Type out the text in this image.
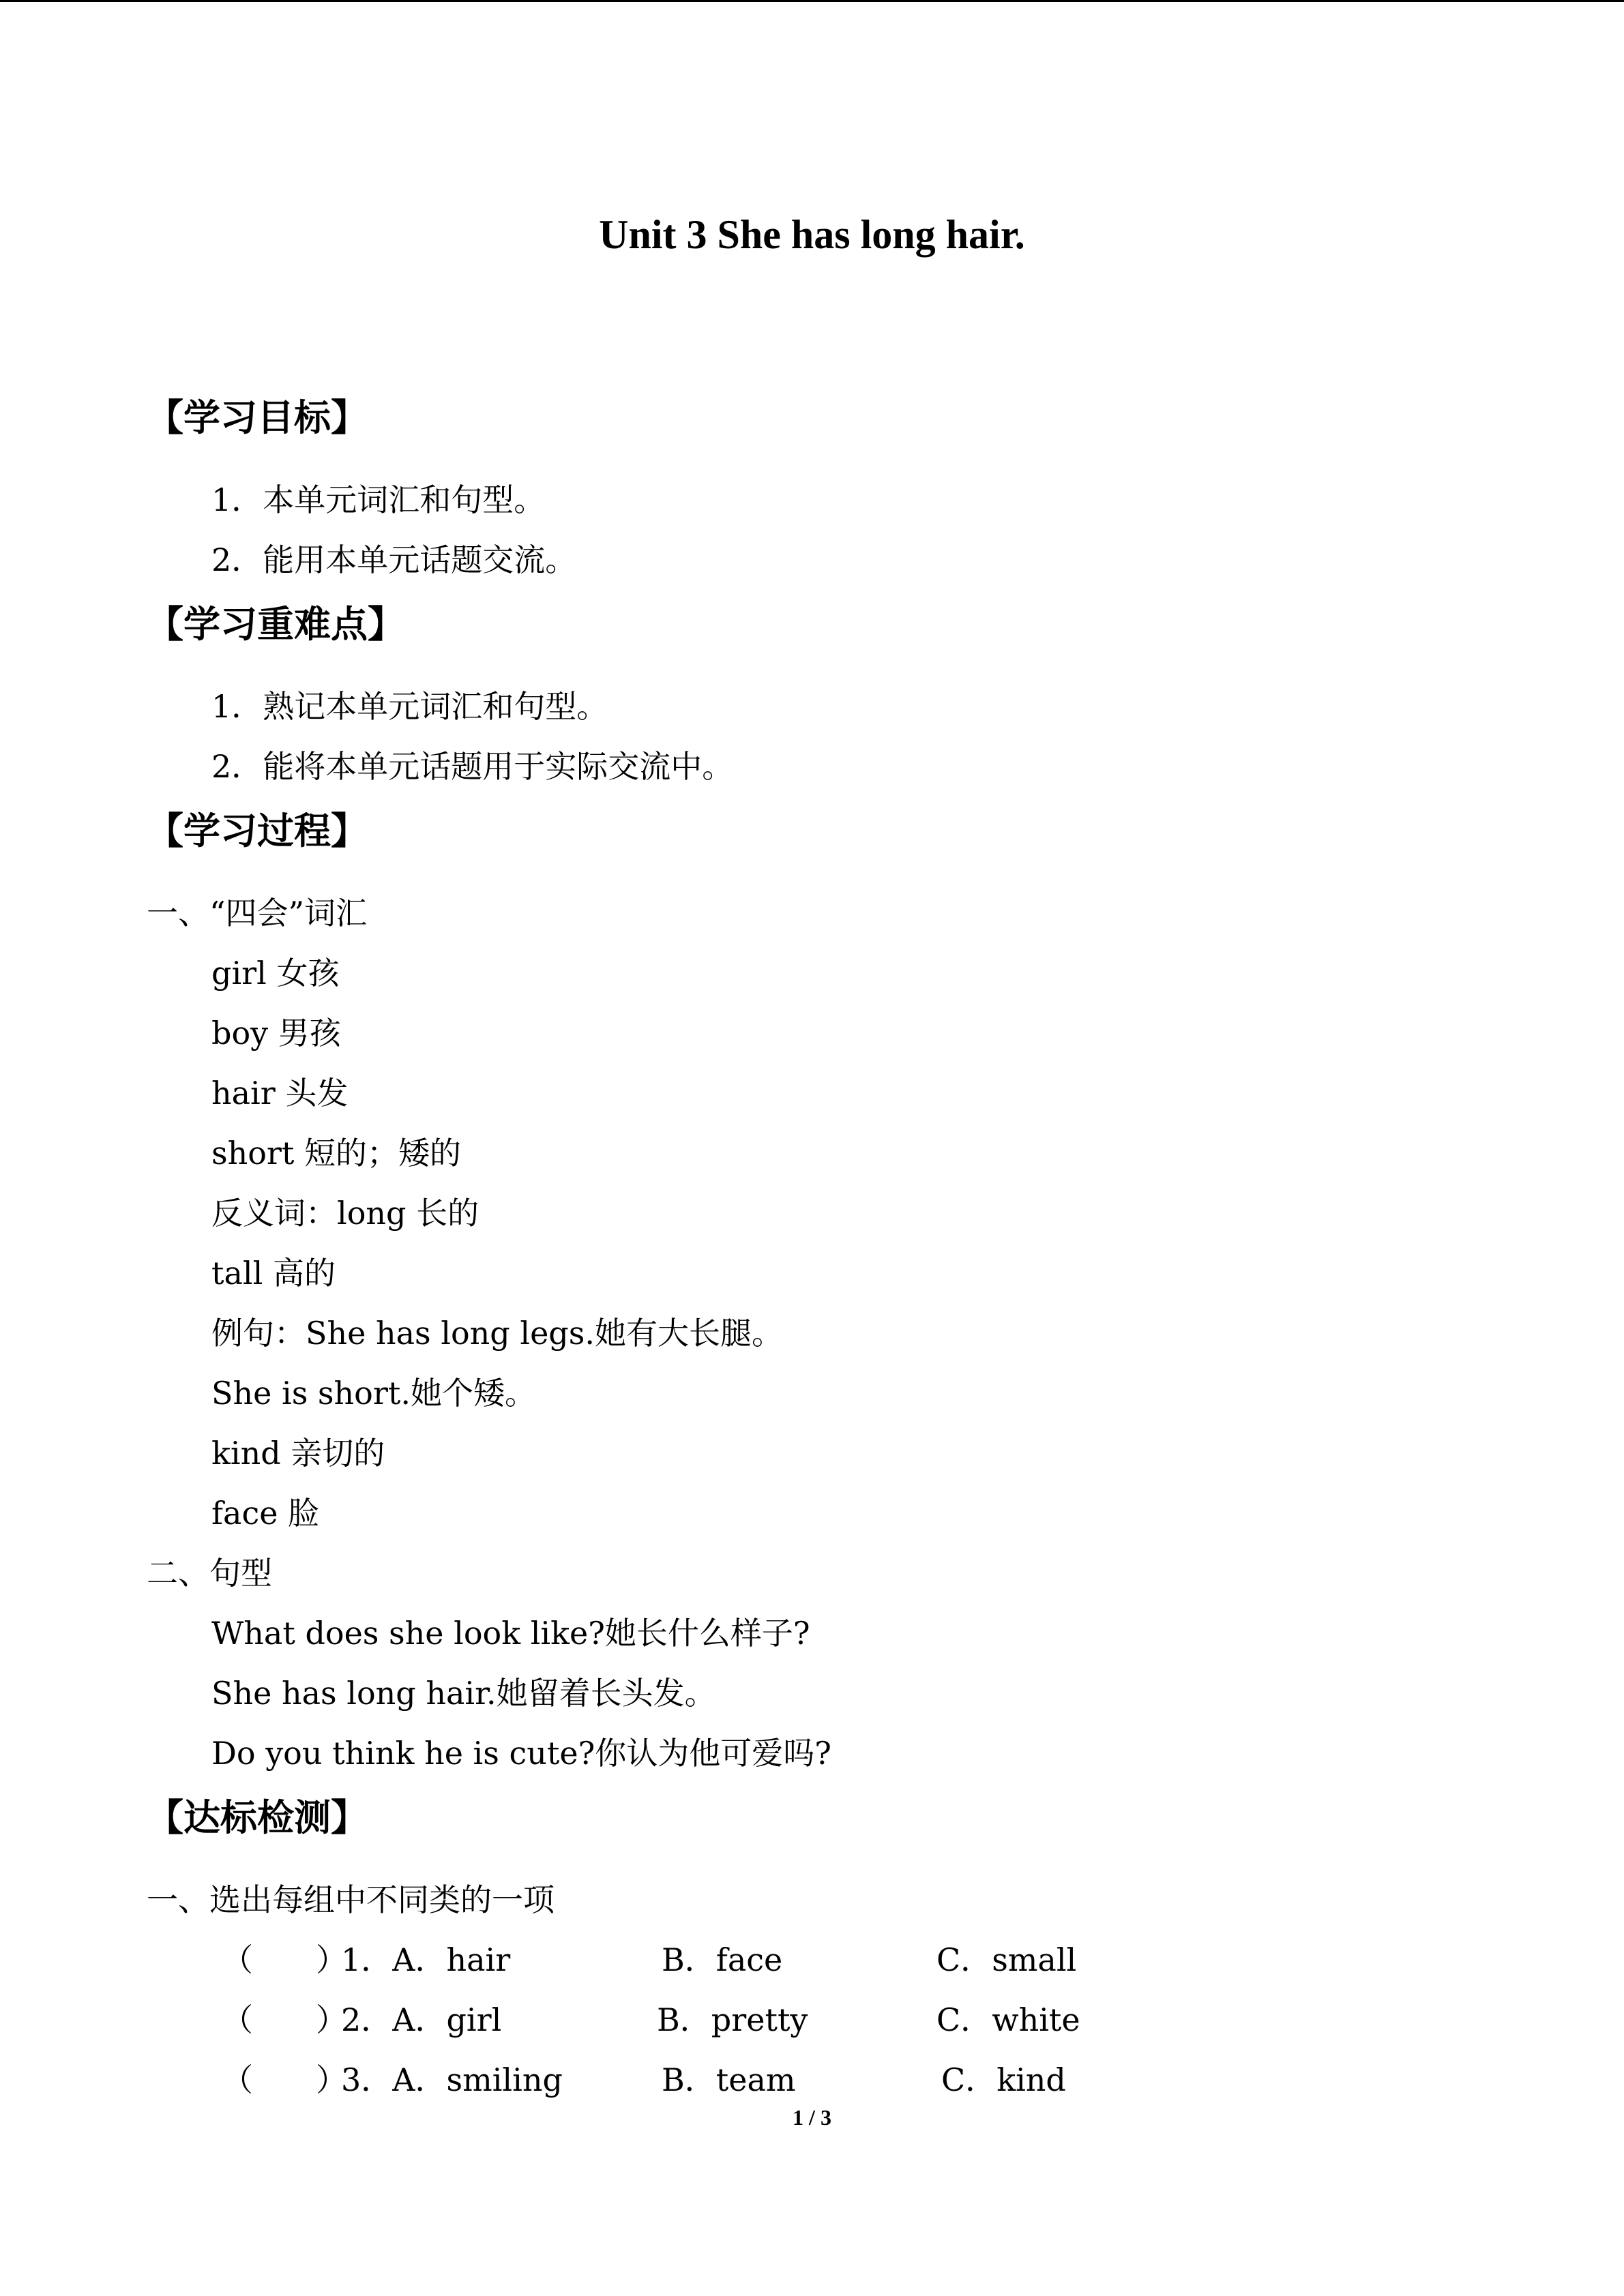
Unit 3 She has long hair.
【学习目标】
1．本单元词汇和句型。
2．能用本单元话题交流。
【学习重难点】
1．熟记本单元词汇和句型。
2．能将本单元话题用于实际交流中。
【学习过程】
一、“四会”词汇
girl 女孩
boy 男孩
hair 头发
short 短的；矮的
反义词：long 长的
tall 高的
例句：She has long legs.她有大长腿。
She is short.她个矮。
kind 亲切的
face 脸
二、句型
What does she look like?她长什么样子?
She has long hair.她留着长头发。
Do you think he is cute?你认为他可爱吗?
【达标检测】
一、选出每组中不同类的一项
（　　）
1．A．hair	B．face	C．small
（　　）
2．A．girl	B．pretty	C．white
（　　）
3．A．smiling	B．team	C．kind
1 / 3
